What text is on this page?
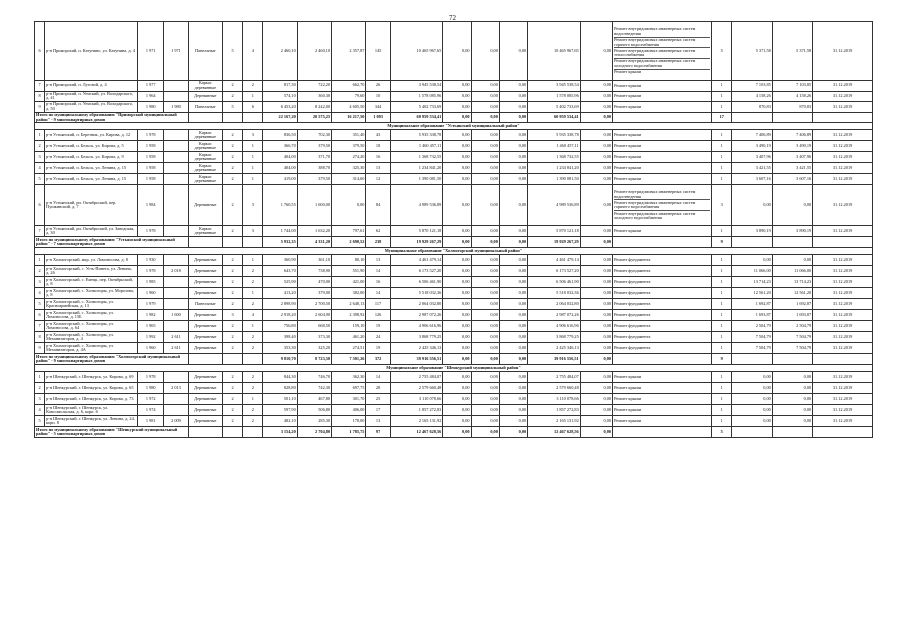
72
6	р-н Приморский, п. Катунино, ул. Катунина, д. 4	1 971	1 971	Панельные	5	4	2 460,10	2 460,10	2 357,87	145	10 465 967,65	0,00	0,00	0,00	10 465 967,65	0,00	Ремонт внутридомовых инженерных систем водоотведения
Ремонт внутридомовых инженерных систем горячего водоснабжения
Ремонт внутридомовых инженерных систем теплоснабжения
Ремонт внутридомовых инженерных систем холодного водоснабжения
Ремонт крыши	5	5 371,58	5 371,58	31.12.2019
7	р-н Приморский, п. Луговой, д. 4	1 977		Каркас деревянные	2	2	817,30	722,20	662,70	26	3 945 538,54	0,00	0,00	0,00	3 945 538,54	0,00	Ремонт крыши	1	7 103,85	7 103,85	31.12.2019
8	р-н Приморский, п. Уемский, ул. Володарского, д. 41	1 964		Деревянные	2	1	574,10	360,30	79,60	10	1 578 085,96	0,00	0,00	0,00	1 578 085,96	0,00	Ремонт крыши	1	4 158,26	4 158,26	31.12.2019
9	р-н Приморский, п. Уемский, ул. Володарского, д. 50	1 980	1 980	Панельные	5	6	6 453,20	8 242,00	4 605,50	344	5 402 733,69	0,00	0,00	0,00	5 402 733,69	0,00	Ремонт крыши	1	870,83	870,83	31.12.2019
Итого по муниципальному образованию "Приморский муниципальный район" - 9 многоквартирных домов							22 167,20	20 575,25	16 217,50	1 083	60 959 534,41	0,00	0,00	0,00	60 959 534,41	0,00		17			
Муниципальное образование "Устьянский муниципальный район"																					
1	р-н Устьянский, п. Березник, ул. Кирова, д. 12	1 978		Каркас деревянные	2	3	836,50	702,30	351,40	43	5 935 338,78	0,00	0,00	0,00	5 935 338,78	0,00	Ремонт крыши	1	7 406,89	7 406,89	31.12.2019
2	р-н Устьянский, п. Бельск, ул. Кирова, д. 5	1 958		Каркас деревянные	2	1	366,70	379,50	379,50	18	1 460 457,11	0,00	0,00	0,00	1 460 457,11	0,00	Ремонт крыши	1	3 490,19	3 490,19	31.12.2019
3	р-н Устьянский, п. Бельск, ул. Кирова, д. 9	1 958		Каркас деревянные	2	1	404,00	371,70	274,20	16	1 368 732,55	0,00	0,00	0,00	1 368 732,55	0,00	Ремонт крыши	1	3 407,96	3 407,96	31.12.2019
4	р-н Устьянский, п. Бельск, ул. Ленина, д. 15	1 958		Каркас деревянные	2	1	404,00	388,70	325,30	13	1 234 841,20	0,00	0,00	0,00	1 234 841,20	0,00	Ремонт крыши	1	3 421,55	3 421,55	31.12.2019
5	р-н Устьянский, п. Бельск, ул. Ленина, д. 15	1 958		Каркас деревянные	2	1	419,00	379,50	314,60	12	1 390 081,50	0,00	0,00	0,00	1 390 081,50	0,00	Ремонт крыши	1	3 607,16	3 607,16	31.12.2019
6	р-н Устьянский, рп. Октябрьский, пер. Пушкинский, д. 7	1 984		Деревянные	2	3	1 760,55	1 600,00	0,00	84	4 989 536,89	0,00	0,00	0,00	4 989 536,89	0,00	Ремонт внутридомовых инженерных систем водоотведения
Ремонт внутридомовых инженерных систем горячего водоснабжения
Ремонт внутридомовых инженерных систем холодного водоснабжения	3	0,00	0,00	31.12.2019
7	р-н Устьянский, рп. Октябрьский, ул. Заводская, д. 30	1 978		Каркас деревянные	2	3	1 744,00	1 632,20	797,61	62	5 870 121,18	0,00	0,00	0,00	5 870 121,18	0,00	Ремонт крыши	1	3 890,19	3 890,19	31.12.2019
Итого по муниципальному образованию "Устьянский муниципальный район" - 7 многоквартирных домов							5 932,35	4 331,20	2 690,52	238	19 929 267,29	0,00	0,00	0,00	19 929 267,29	0,00		9			
Муниципальное образование "Холмогорский муниципальный район"																					
1	р-н Холмогорский, мкр. ул. Ломоносова, д. 8	1 930		Деревянные	2	1	360,90	361,10	80,10	13	4 461 479,14	0,00	0,00	0,00	4 461 479,14	0,00	Ремонт фундамента	1	0,00	0,00	31.12.2019
2	р-н Холмогорский, с. Усть-Пинега, ул. Ленина, д. 26	1 978	2 018	Деревянные	2	2	643,70	738,90	551,90	14	6 173 527,20	0,00	0,00	0,00	6 173 527,20	0,00	Ремонт фундамента	1	11 066,00	11 066,00	31.12.2019
3	р-н Холмогорский, с. Емецк, пер. Октябрьский, д. 8	1 985		Деревянные	2	2	525,90	470,00	421,00	16	6 506 461,90	0,00	0,00	0,00	6 506 461,90	0,00	Ремонт фундамента	1	13 714,23	13 714,23	31.12.2019
4	р-н Холмогорский, с. Холмогоры, ул. Морозова, д. 8	1 960		Деревянные	2	1	413,20	379,00	382,00	14	5 518 032,36	0,00	0,00	0,00	5 518 032,36	0,00	Ремонт фундамента	1	12 561,20	12 561,20	31.12.2019
5	р-н Холмогорский, с. Холмогоры, ул. Красноармейская, д. 13	1 979		Панельные	2	2	2 898,90	2 700,50	2 648,13	117	2 064 032,80	0,00	0,00	0,00	2 064 032,80	0,00	Ремонт фундамента	1	1 692,87	1 692,87	31.12.2019
6	р-н Холмогорский, с. Холмогоры, ул. Ломоносова, д. 15Б	1 982	1 600	Деревянные	3	4	2 918,20	2 604,90	2 398,92	126	2 987 072,26	0,00	0,00	0,00	2 987 072,26	0,00	Ремонт фундамента	1	1 693,87	1 693,87	31.12.2019
7	р-н Холмогорский, с. Холмогоры, ул. Ломоносова, д. 64	1 965		Деревянные	2	1	756,80	668,50	159,10	19	4 906 616,96	0,00	0,00	0,00	4 906 616,96	0,00	Ремонт фундамента	1	2 504,79	2 504,79	31.12.2019
8	р-н Холмогорский, с. Холмогоры, ул. Механизаторов, д. 4	1 992	2 611	Деревянные	2	2	398,40	373,30	461,20	24	3 868 779,25	0,00	0,00	0,00	3 868 779,25	0,00	Ремонт фундамента	1	7 504,79	7 504,79	31.12.2019
9	р-н Холмогорский, с. Холмогоры, ул. Механизаторов, д. 4А	1 960	2 611	Деревянные	2	2	353,30	325,20	274,51	19	2 425 346,13	0,00	0,00	0,00	2 425 346,13	0,00	Ремонт фундамента	1	7 504,79	7 504,79	31.12.2019
Итого по муниципальному образованию "Холмогорский муниципальный район" - 9 многоквартирных домов							9 810,70	8 723,50	7 501,26	372	39 916 556,51	0,00	0,00	0,00	39 916 556,51	0,00		9			
Муниципальное образование "Шенкурский муниципальный район"																					
1	р-н Шенкурский, г. Шенкурск, ул. Кирова, д. 69	1 978		Деревянные	2	2	844,30	746,70	362,30	14	2 755 484,07	0,00	0,00	0,00	2 755 484,07	0,00	Ремонт крыши	1	0,00	0,00	31.12.2019
2	р-н Шенкурский, г. Шенкурск, ул. Кирова, д. 65	1 980	2 013	Деревянные	2	2	828,80	742,30	697,75	28	2 579 660,48	0,00	0,00	0,00	2 579 660,48	0,00	Ремонт крыши	1	0,00	0,00	31.12.2019
3	р-н Шенкурский, г. Шенкурск, ул. Кирова, д. 73	1 972		Деревянные	2	1	501,10	467,80	301,70	25	3 110 078,66	0,00	0,00	0,00	3 110 078,66	0,00	Ремонт крыши	1	0,00	0,00	31.12.2019
4	р-н Шенкурский, г. Шенкурск, ул. Комсомольская, д. 6, корп. 6	1 974		Деревянные	2	2	597,90	506,80	406,00	17	1 857 272,83	0,00	0,00	0,00	1 857 272,83	0,00	Ремонт крыши	1	0,00	0,00	31.12.2019
5	р-н Шенкурский, г. Шенкурск, ул. Ленина, д. 24, корп. 8	1 981	2 009	Деревянные	2	2	482,10	285,30	178,00	13	2 165 131,92	0,00	0,00	0,00	2 165 131,92	0,00	Ремонт крыши	1	0,00	0,00	31.12.2019
Итого по муниципальному образованию "Шенкурский муниципальный район" - 5 многоквартирных домов							3 154,20	2 704,80	1 785,75	97	12 467 628,56	0,00	0,00	0,00	12 467 628,56	0,00		5			
